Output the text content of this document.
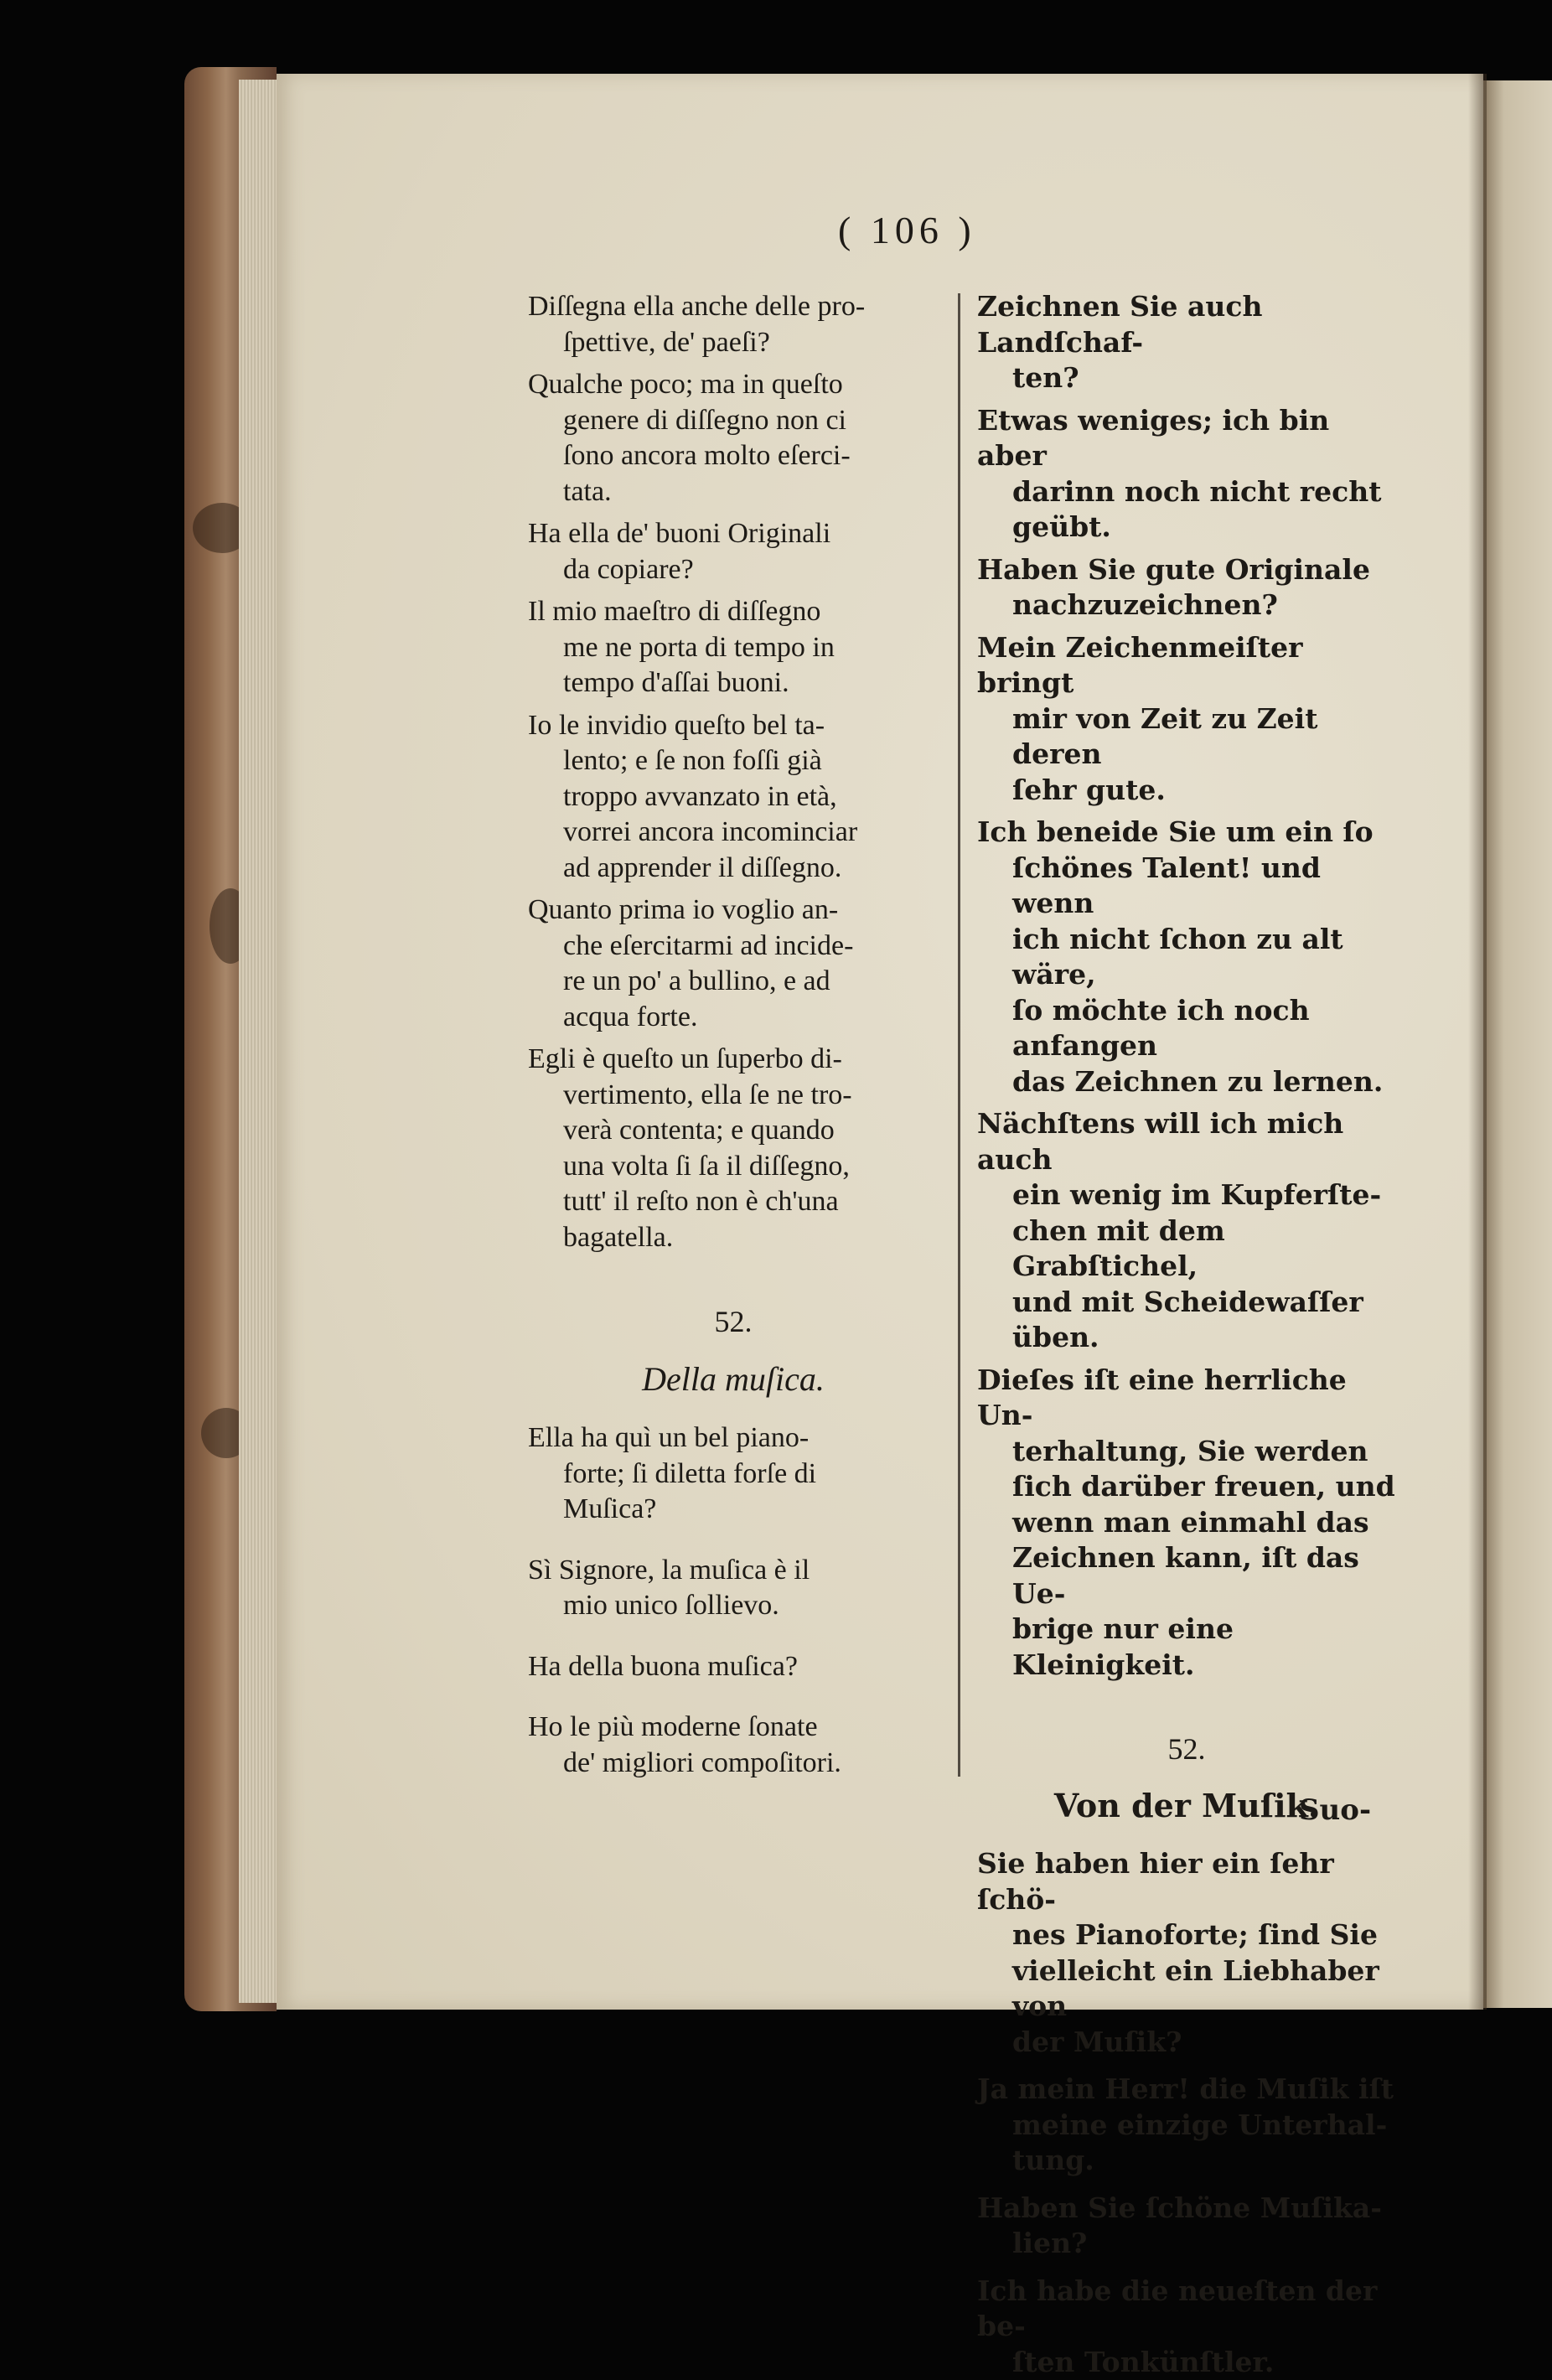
( 106 )
Diſſegna ella anche delle pro-
ſpettive, de' paeſi?
Qualche poco; ma in queſto
genere di diſſegno non ci
ſono ancora molto eſerci-
tata.
Ha ella de' buoni Originali
da copiare?
Il mio maeſtro di diſſegno
me ne porta di tempo in
tempo d'aſſai buoni.
Io le invidio queſto bel ta-
lento; e ſe non foſſi già
troppo avvanzato in età,
vorrei ancora incominciar
ad apprender il diſſegno.
Quanto prima io voglio an-
che eſercitarmi ad incide-
re un po' a bullino, e ad
acqua forte.
Egli è queſto un ſuperbo di-
vertimento, ella ſe ne tro-
verà contenta; e quando
una volta ſi ſa il diſſegno,
tutt' il reſto non è ch'una
bagatella.
52.
Della muſica.
Ella ha quì un bel piano-
forte; ſi diletta forſe di
Muſica?
Sì Signore, la muſica è il
mio unico ſollievo.
Ha della buona muſica?
Ho le più moderne ſonate
de' migliori compoſitori.
Zeichnen Sie auch Landſchaf-
ten?
Etwas weniges; ich bin aber
darinn noch nicht recht
geübt.
Haben Sie gute Originale
nachzuzeichnen?
Mein Zeichenmeiſter bringt
mir von Zeit zu Zeit deren
ſehr gute.
Ich beneide Sie um ein ſo
ſchönes Talent! und wenn
ich nicht ſchon zu alt wäre,
ſo möchte ich noch anfangen
das Zeichnen zu lernen.
Nächſtens will ich mich auch
ein wenig im Kupferſte-
chen mit dem Grabſtichel,
und mit Scheidewaſſer
üben.
Dieſes iſt eine herrliche Un-
terhaltung, Sie werden
ſich darüber freuen, und
wenn man einmahl das
Zeichnen kann, iſt das Ue-
brige nur eine Kleinigkeit.
52.
Von der Muſik.
Sie haben hier ein ſehr ſchö-
nes Pianoforte; ſind Sie
vielleicht ein Liebhaber von
der Muſik?
Ja mein Herr! die Muſik iſt
meine einzige Unterhal-
tung.
Haben Sie ſchöne Muſika-
lien?
Ich habe die neueſten der be-
ſten Tonkünſtler.
Suo-
